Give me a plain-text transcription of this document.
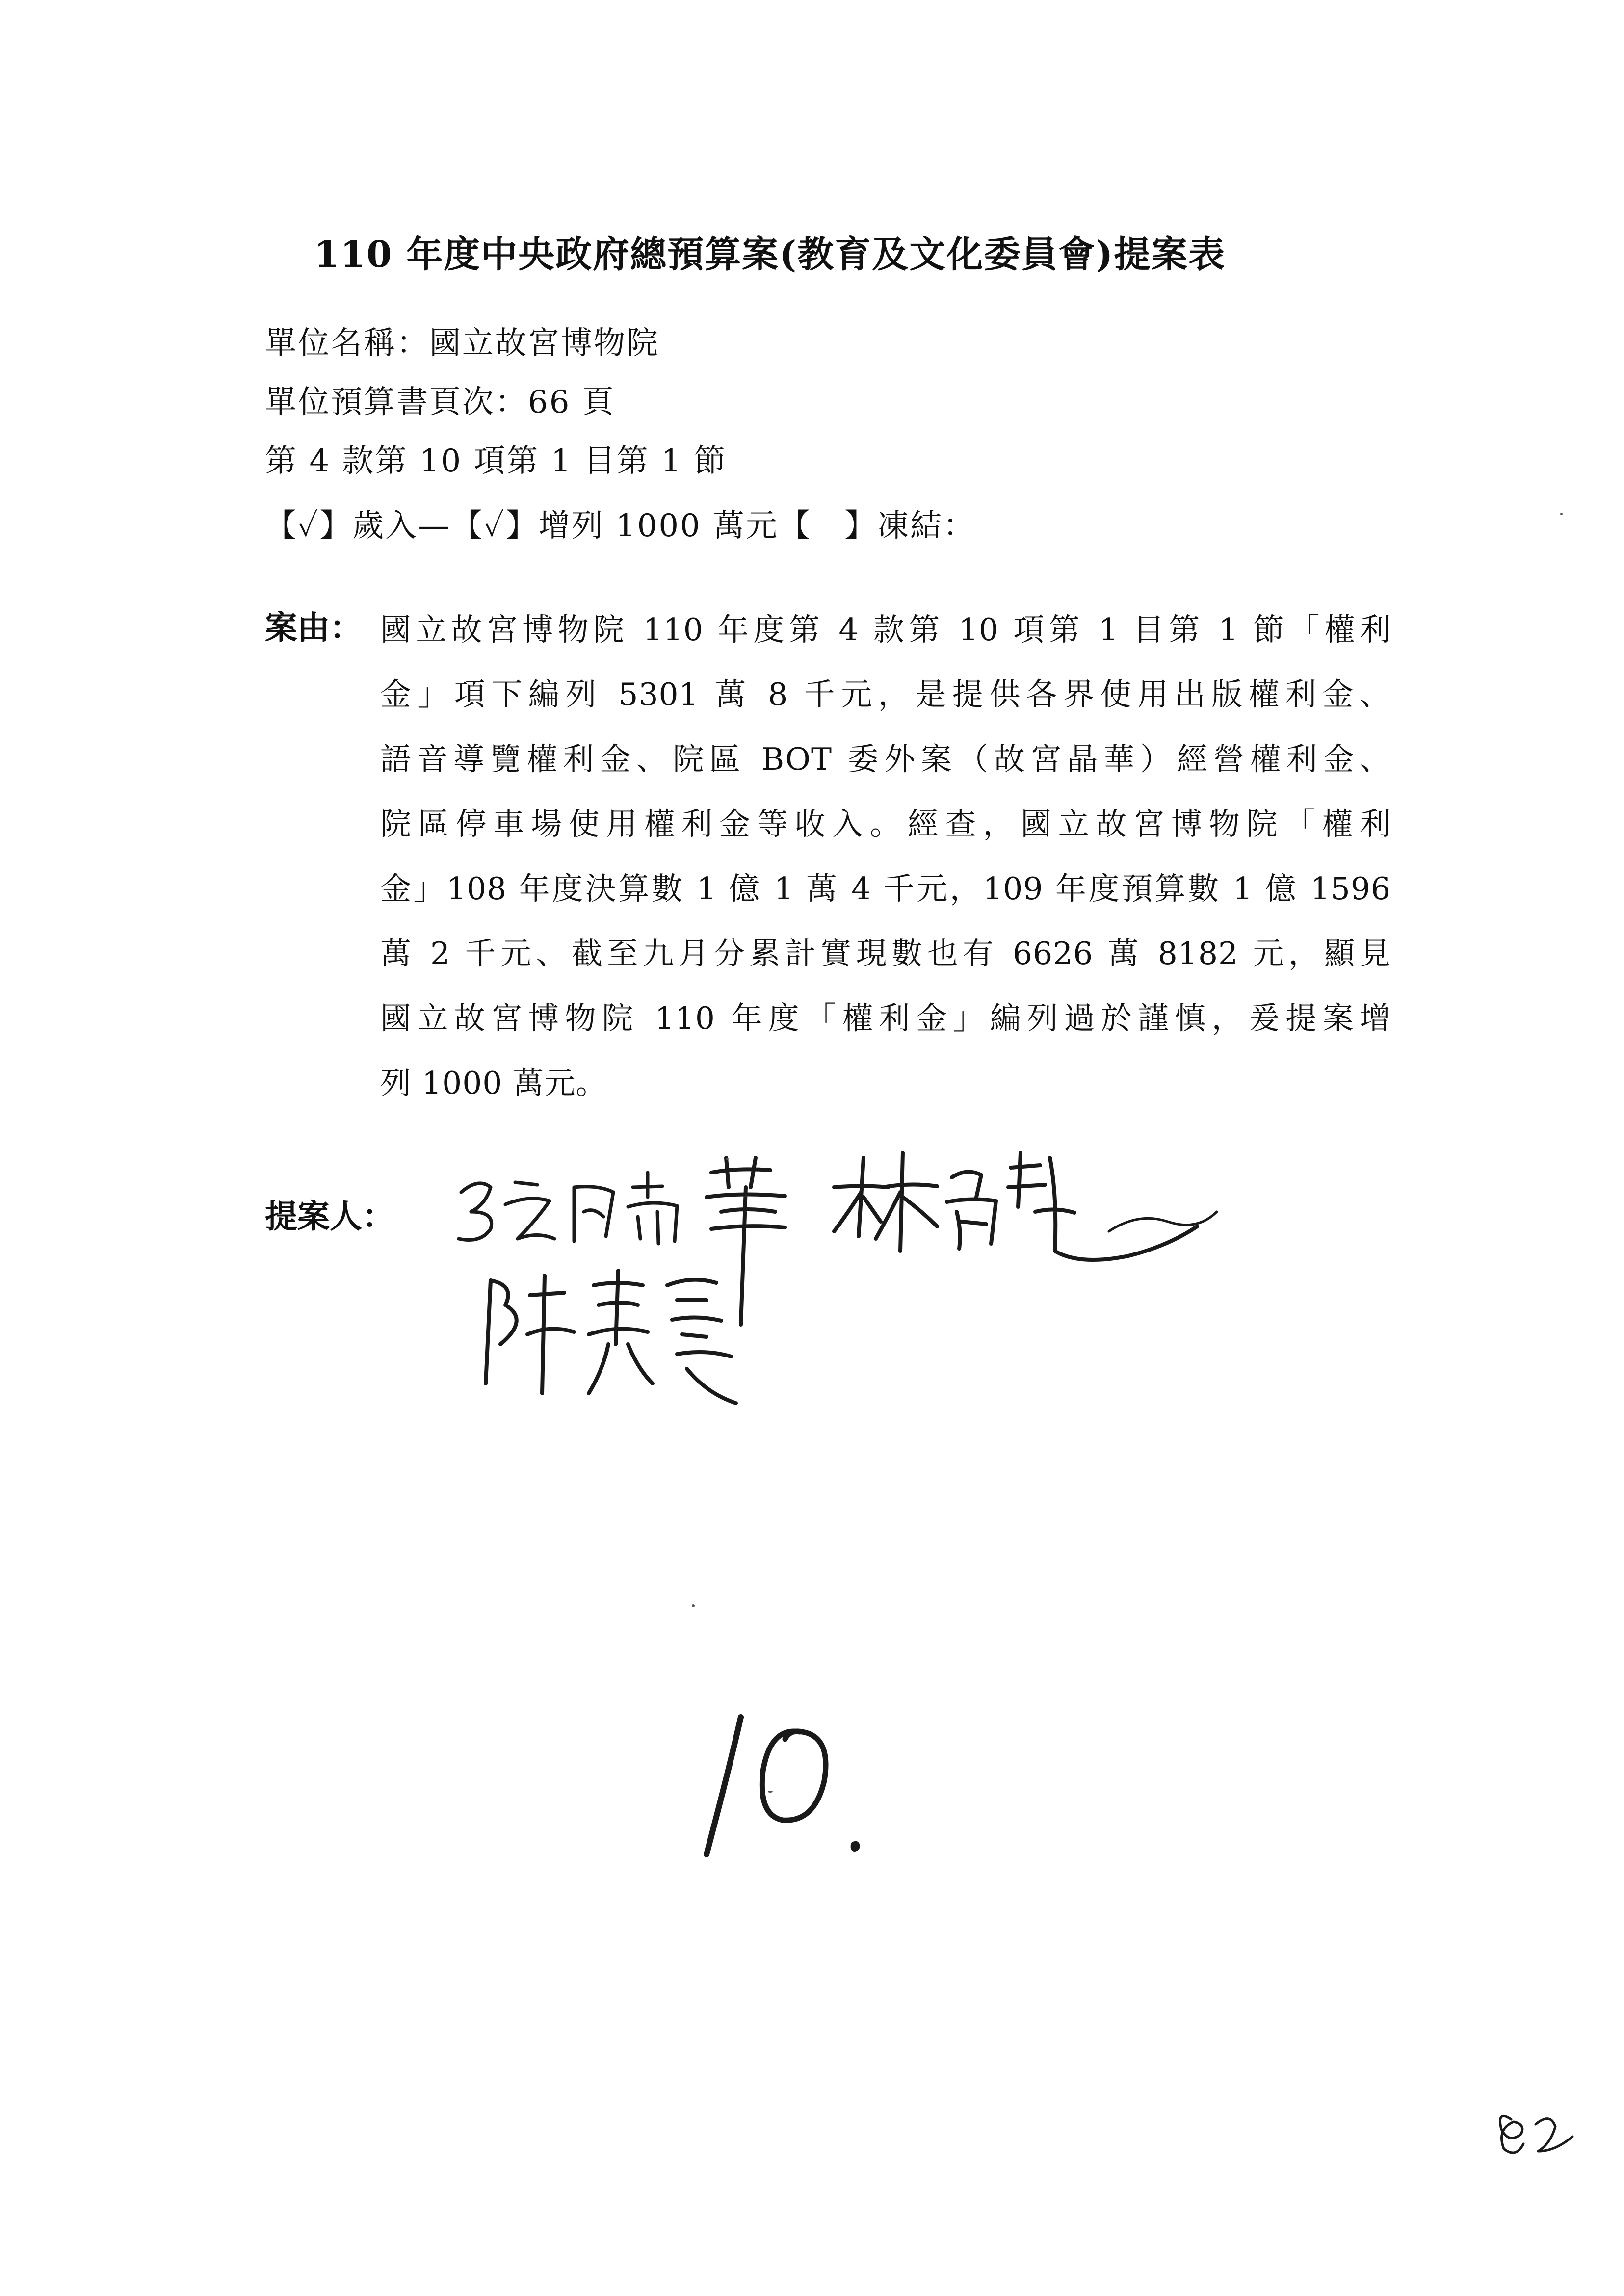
110 年度中央政府總預算案(教育及文化委員會)提案表
單位名稱：國立故宮博物院
單位預算書頁次：66 頁
第 4 款第 10 項第 1 目第 1 節
【✓】歲入—【✓】增列 1000 萬元【　】凍結：
案由： 國立故宮博物院 110 年度第 4 款第 10 項第 1 目第 1 節「權利
金」項下編列 5301 萬 8 千元，是提供各界使用出版權利金、
語音導覽權利金、院區 BOT 委外案（故宮晶華）經營權利金、
院區停車場使用權利金等收入。經查，國立故宮博物院「權利
金」108 年度決算數 1 億 1 萬 4 千元，109 年度預算數 1 億 1596
萬 2 千元、截至九月分累計實現數也有 6626 萬 8182 元，顯見
國立故宮博物院 110 年度「權利金」編列過於謹慎，爰提案增
列 1000 萬元。
提案人：
